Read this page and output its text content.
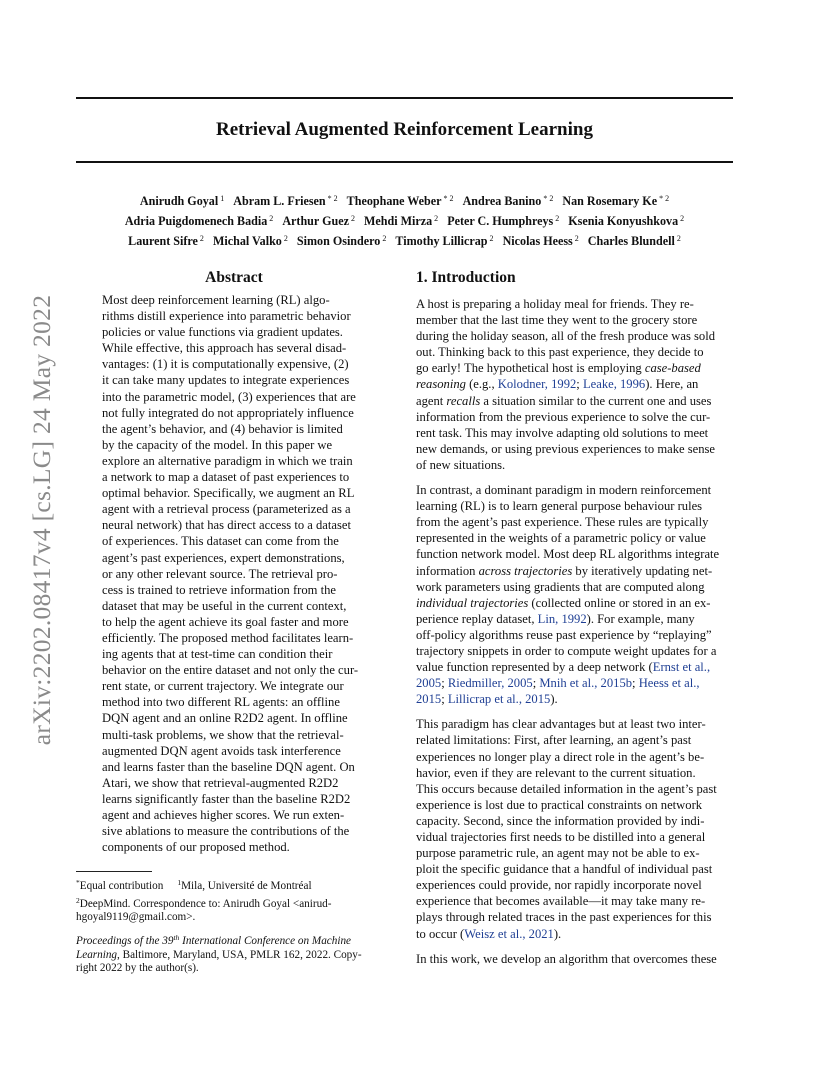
Retrieval Augmented Reinforcement Learning
Anirudh Goyal $^1$ Abram L. Friesen $^{* 2}$ Theophane Weber $^{* 2}$ Andrea Banino $^{* 2}$ Nan Rosemary Ke $^{* 2}$
Adria Puigdomenech Badia $^2$ Arthur Guez $^2$ Mehdi Mirza $^2$ Peter C. Humphreys $^2$ Ksenia Konyushkova $^2$
Laurent Sifre $^2$ Michal Valko $^2$ Simon Osindero $^2$ Timothy Lillicrap $^2$ Nicolas Heess $^2$ Charles Blundell $^2$
arXiv:2202.08417v4 [cs.LG] 24 May 2022
Abstract

Most deep reinforcement learning (RL) algo-
rithms distill experience into parametric behavior
policies or value functions via gradient updates.
While effective, this approach has several disad-
vantages: (1) it is computationally expensive, (2)
it can take many updates to integrate experiences
into the parametric model, (3) experiences that are
not fully integrated do not appropriately influence
the agent’s behavior, and (4) behavior is limited
by the capacity of the model. In this paper we
explore an alternative paradigm in which we train
a network to map a dataset of past experiences to
optimal behavior. Specifically, we augment an RL
agent with a retrieval process (parameterized as a
neural network) that has direct access to a dataset
of experiences. This dataset can come from the
agent’s past experiences, expert demonstrations,
or any other relevant source. The retrieval pro-
cess is trained to retrieve information from the
dataset that may be useful in the current context,
to help the agent achieve its goal faster and more
efficiently. The proposed method facilitates learn-
ing agents that at test-time can condition their
behavior on the entire dataset and not only the cur-
rent state, or current trajectory. We integrate our
method into two different RL agents: an offline
DQN agent and an online R2D2 agent. In offline
multi-task problems, we show that the retrieval-
augmented DQN agent avoids task interference
and learns faster than the baseline DQN agent. On
Atari, we show that retrieval-augmented R2D2
learns significantly faster than the baseline R2D2
agent and achieves higher scores. We run exten-
sive ablations to measure the contributions of the
components of our proposed method.

*Equal contribution $^1$Mila, Université de Montréal
$^2$DeepMind. Correspondence to: Anirudh Goyal <anirud-
hgoyal9119@gmail.com>.
Proceedings of the 39th International Conference on Machine
Learning, Baltimore, Maryland, USA, PMLR 162, 2022. Copy-
right 2022 by the author(s).
1. Introduction

A host is preparing a holiday meal for friends. They re-
member that the last time they went to the grocery store
during the holiday season, all of the fresh produce was sold
out. Thinking back to this past experience, they decide to
go early! The hypothetical host is employing case-based
reasoning (e.g., Kolodner, 1992; Leake, 1996). Here, an
agent recalls a situation similar to the current one and uses
information from the previous experience to solve the cur-
rent task. This may involve adapting old solutions to meet
new demands, or using previous experiences to make sense
of new situations.

In contrast, a dominant paradigm in modern reinforcement
learning (RL) is to learn general purpose behaviour rules
from the agent’s past experience. These rules are typically
represented in the weights of a parametric policy or value
function network model. Most deep RL algorithms integrate
information across trajectories by iteratively updating net-
work parameters using gradients that are computed along
individual trajectories (collected online or stored in an ex-
perience replay dataset, Lin, 1992). For example, many
off-policy algorithms reuse past experience by “replaying”
trajectory snippets in order to compute weight updates for a
value function represented by a deep network (Ernst et al.,
2005; Riedmiller, 2005; Mnih et al., 2015b; Heess et al.,
2015; Lillicrap et al., 2015).

This paradigm has clear advantages but at least two inter-
related limitations: First, after learning, an agent’s past
experiences no longer play a direct role in the agent’s be-
havior, even if they are relevant to the current situation.
This occurs because detailed information in the agent’s past
experience is lost due to practical constraints on network
capacity. Second, since the information provided by indi-
vidual trajectories first needs to be distilled into a general
purpose parametric rule, an agent may not be able to ex-
ploit the specific guidance that a handful of individual past
experiences could provide, nor rapidly incorporate novel
experience that becomes available—it may take many re-
plays through related traces in the past experiences for this
to occur (Weisz et al., 2021).

In this work, we develop an algorithm that overcomes these
